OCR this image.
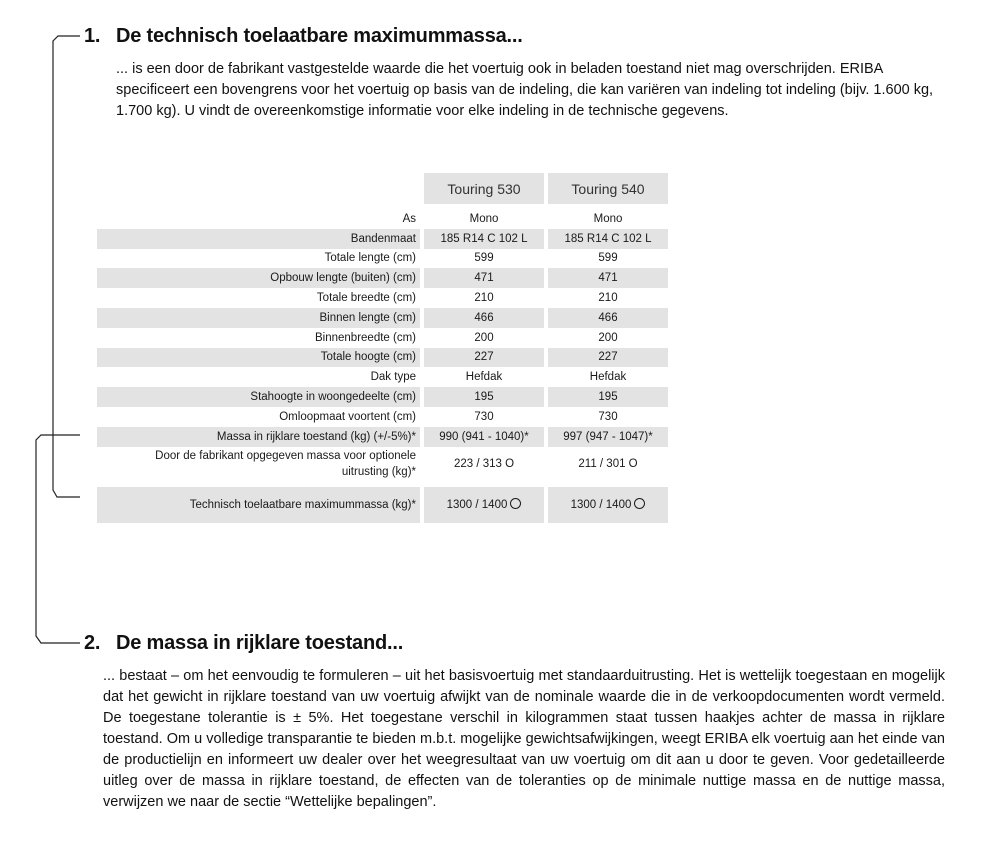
1. De technisch toelaatbare maximummassa...

... is een door de fabrikant vastgestelde waarde die het voertuig ook in beladen toestand niet mag overschrijden. ERIBA specificeert een bovengrens voor het voertuig op basis van de indeling, die kan variëren van indeling tot indeling (bijv. 1.600 kg, 1.700 kg). U vindt de overeenkomstige informatie voor elke indeling in de technische gegevens.

	Touring 530	Touring 540

As	Mono	Mono
Bandenmaat	185 R14 C 102 L	185 R14 C 102 L
Totale lengte (cm)	599	599
Opbouw lengte (buiten) (cm)	471	471
Totale breedte (cm)	210	210
Binnen lengte (cm)	466	466
Binnenbreedte (cm)	200	200
Totale hoogte (cm)	227	227
Dak type	Hefdak	Hefdak
Stahoogte in woongedeelte (cm)	195	195
Omloopmaat voortent (cm)	730	730
Massa in rijklare toestand (kg) (+/-5%)*	990 (941 - 1040)*	997 (947 - 1047)*
Door de fabrikant opgegeven massa voor optionele
uitrusting (kg)*	223 / 313 O	211 / 301 O

Technisch toelaatbare maximummassa (kg)*	1300 / 1400	1300 / 1400
2. De massa in rijklare toestand...

... bestaat – om het eenvoudig te formuleren – uit het basisvoertuig met standaarduitrusting. Het is wettelijk toegestaan en mogelijk dat het gewicht in rijklare toestand van uw voertuig afwijkt van de nominale waarde die in de verkoopdocumenten wordt vermeld. De toegestane tolerantie is ± 5%. Het toegestane verschil in kilogrammen staat tussen haakjes achter de massa in rijklare toestand. Om u volledige transparantie te bieden m.b.t. mogelijke gewichtsafwijkingen, weegt ERIBA elk voertuig aan het einde van de productielijn en informeert uw dealer over het weegresultaat van uw voertuig om dit aan u door te geven. Voor gedetailleerde uitleg over de massa in rijklare toestand, de effecten van de toleranties op de minimale nuttige massa en de nuttige massa, verwijzen we naar de sectie “Wettelijke bepalingen”.
